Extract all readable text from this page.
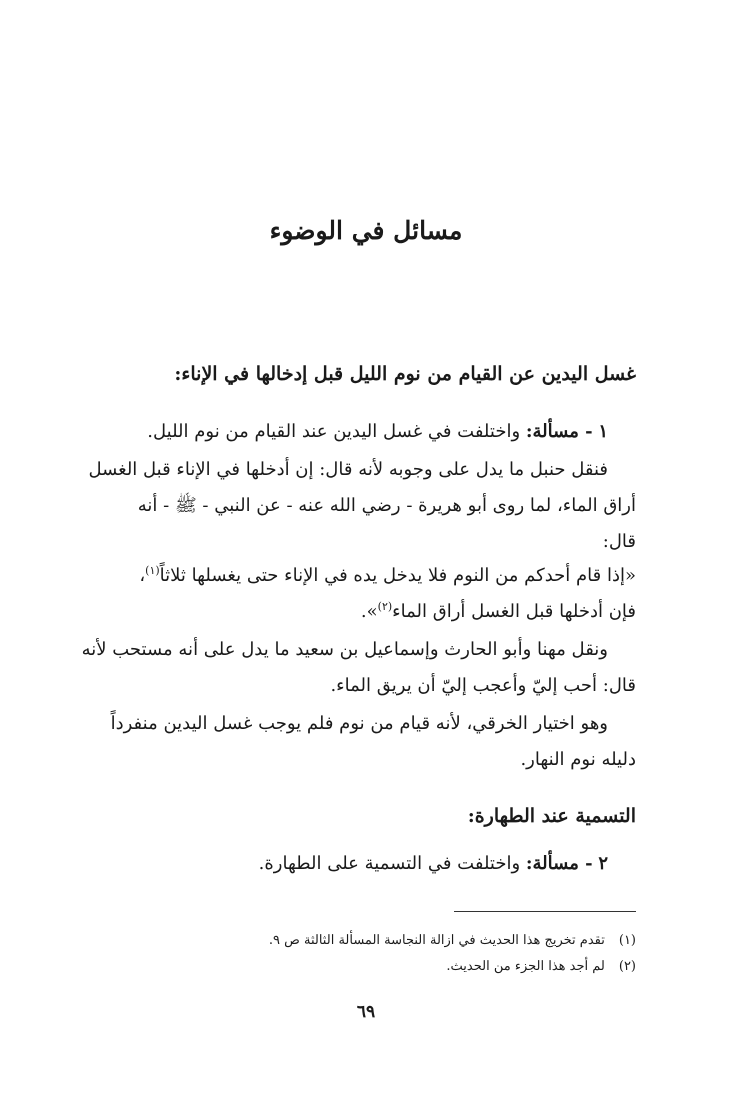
مسائل في الوضوء

غسل اليدين عن القيام من نوم الليل قبل إدخالها في الإناء:

١ - مسألة: واختلفت في غسل اليدين عند القيام من نوم الليل.

فنقل حنبل ما يدل على وجوبه لأنه قال: إن أدخلها في الإناء قبل الغسل
أراق الماء، لما روى أبو هريرة - رضي الله عنه - عن النبي - ﷺ - أنه
قال:

«إذا قام أحدكم من النوم فلا يدخل يده في الإناء حتى يغسلها ثلاثاً$^{(١)}$،
فإن أدخلها قبل الغسل أراق الماء$^{(٢)}$».

ونقل مهنا وأبو الحارث وإسماعيل بن سعيد ما يدل على أنه مستحب لأنه
قال: أحب إليّ وأعجب إليّ أن يريق الماء.

وهو اختيار الخرقي، لأنه قيام من نوم فلم يوجب غسل اليدين منفرداً
دليله نوم النهار.

التسمية عند الطهارة:

٢ - مسألة: واختلفت في التسمية على الطهارة.

(١)
تقدم تخريج هذا الحديث في ازالة النجاسة المسألة الثالثة ص ٩.
(٢)
لم أجد هذا الجزء من الحديث.
٦٩
